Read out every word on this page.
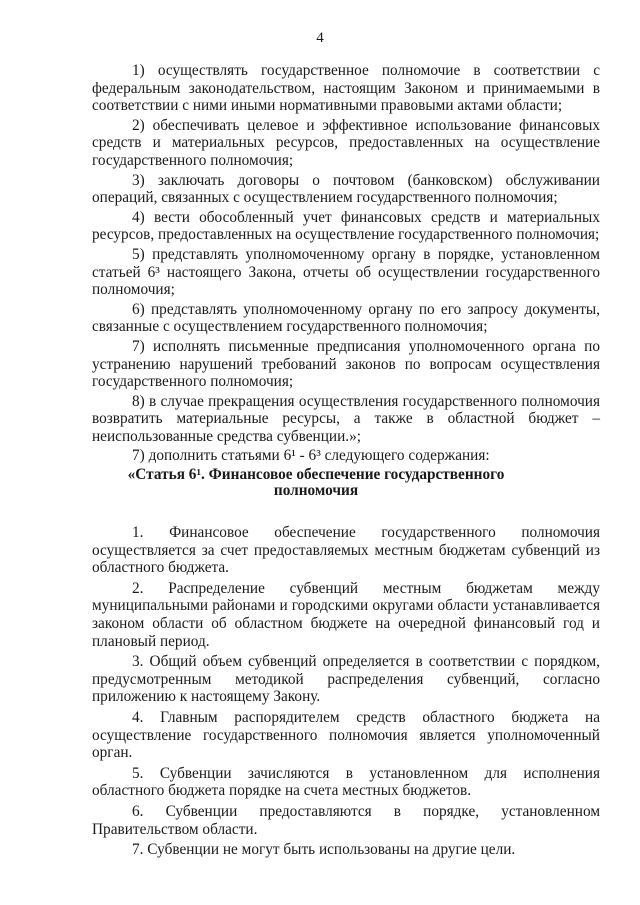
4

1) осуществлять государственное полномочие в соответствии с федеральным законодательством, настоящим Законом и принимаемыми в соответствии с ними иными нормативными правовыми актами области;

2) обеспечивать целевое и эффективное использование финансовых средств и материальных ресурсов, предоставленных на осуществление государственного полномочия;

3) заключать договоры о почтовом (банковском) обслуживании операций, связанных с осуществлением государственного полномочия;

4) вести обособленный учет финансовых средств и материальных ресурсов, предоставленных на осуществление государственного полномочия;

5) представлять уполномоченному органу в порядке, установленном статьей 6³ настоящего Закона, отчеты об осуществлении государственного полномочия;

6) представлять уполномоченному органу по его запросу документы, связанные с осуществлением государственного полномочия;

7) исполнять письменные предписания уполномоченного органа по устранению нарушений требований законов по вопросам осуществления государственного полномочия;

8) в случае прекращения осуществления государственного полномочия возвратить материальные ресурсы, а также в областной бюджет – неиспользованные средства субвенции.»;

7) дополнить статьями 6¹ - 6³ следующего содержания:

«Статья 6¹. Финансовое обеспечение государственного полномочия

1. Финансовое обеспечение государственного полномочия осуществляется за счет предоставляемых местным бюджетам субвенций из областного бюджета.

2. Распределение субвенций местным бюджетам между муниципальными районами и городскими округами области устанавливается законом области об областном бюджете на очередной финансовый год и плановый период.

3. Общий объем субвенций определяется в соответствии с порядком, предусмотренным методикой распределения субвенций, согласно приложению к настоящему Закону.

4. Главным распорядителем средств областного бюджета на осуществление государственного полномочия является уполномоченный орган.

5. Субвенции зачисляются в установленном для исполнения областного бюджета порядке на счета местных бюджетов.

6. Субвенции предоставляются в порядке, установленном Правительством области.

7. Субвенции не могут быть использованы на другие цели.
